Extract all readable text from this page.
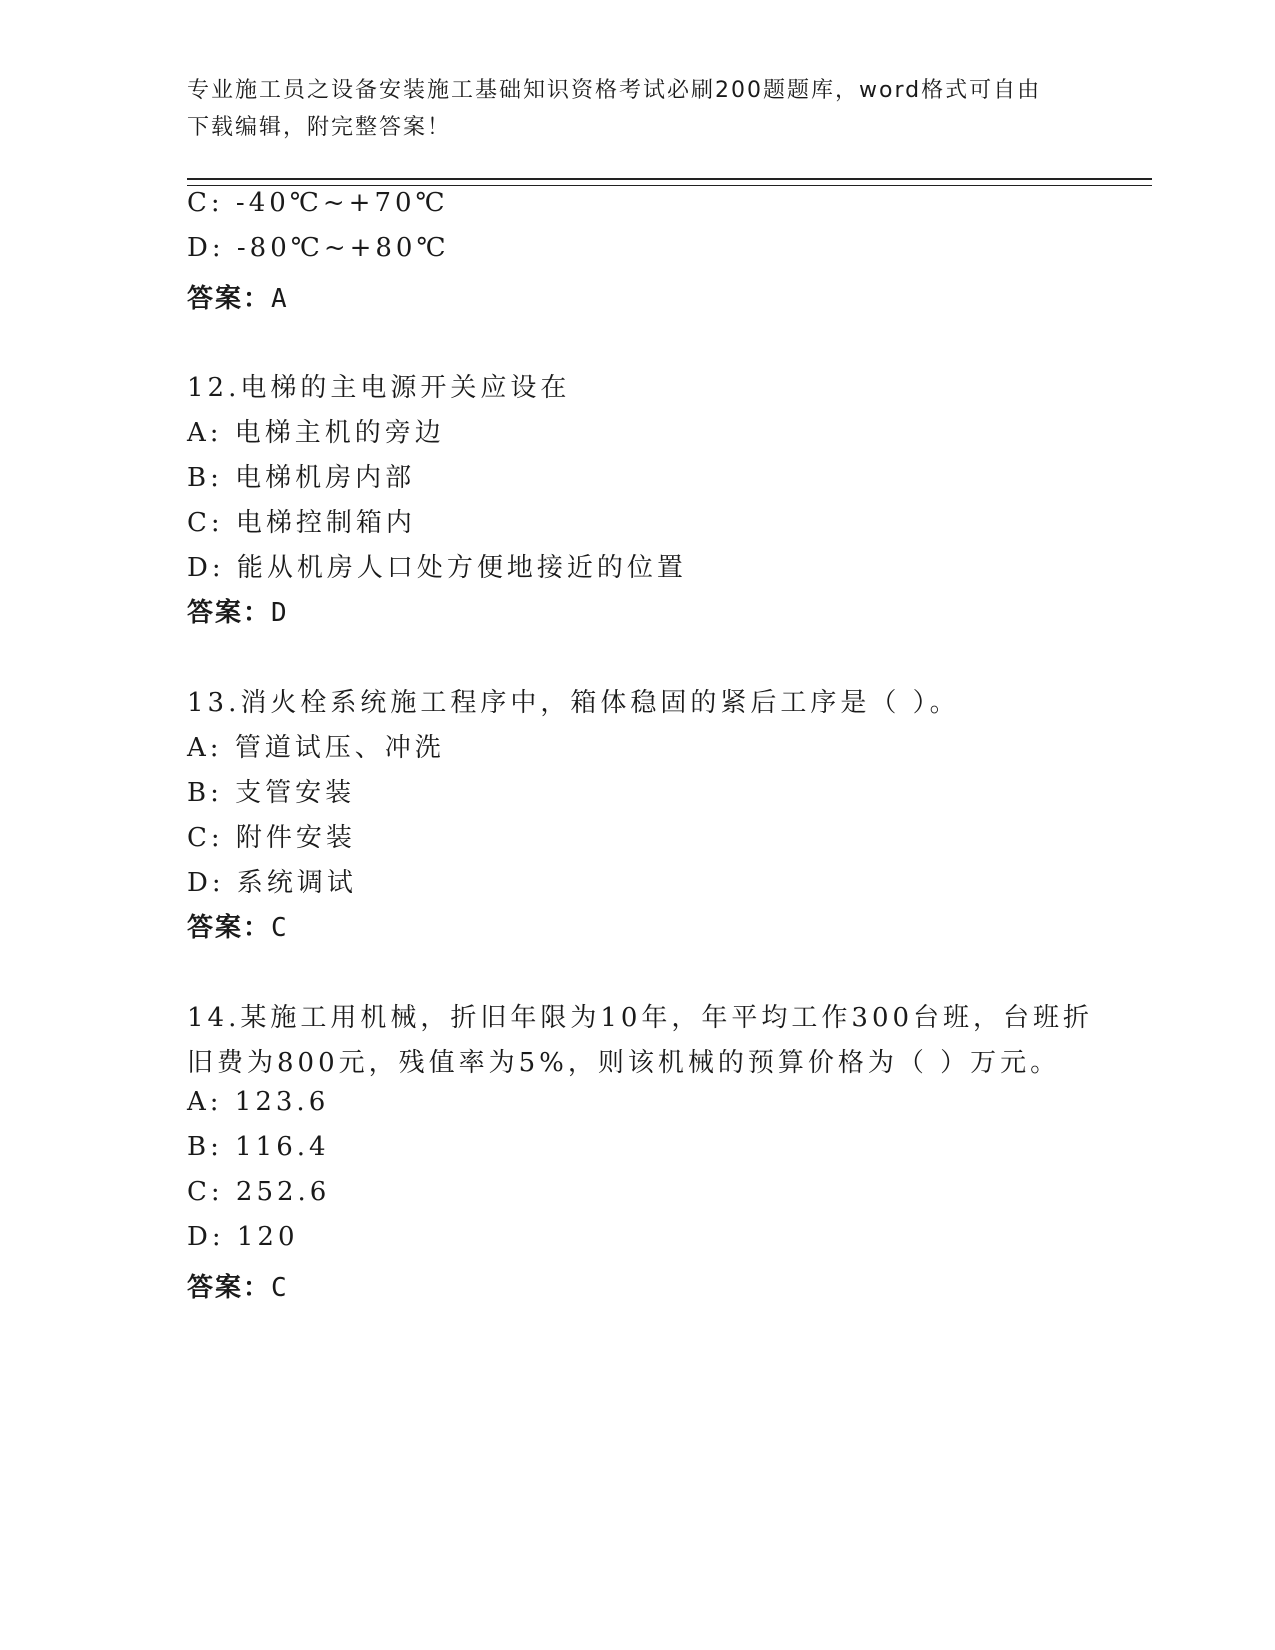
专业施工员之设备安装施工基础知识资格考试必刷200题题库，word格式可自由
下载编辑，附完整答案！
C: -40℃~+70℃
D: -80℃~+80℃
答案：A
12.电梯的主电源开关应设在
A: 电梯主机的旁边
B: 电梯机房内部
C: 电梯控制箱内
D: 能从机房人口处方便地接近的位置
答案：D
13.消火栓系统施工程序中，箱体稳固的紧后工序是（ ）。
A: 管道试压、冲洗
B: 支管安装
C: 附件安装
D: 系统调试
答案：C
14.某施工用机械，折旧年限为10年，年平均工作300台班，台班折
旧费为800元，残值率为5%，则该机械的预算价格为（ ）万元。
A: 123.6
B: 116.4
C: 252.6
D: 120
答案：C
